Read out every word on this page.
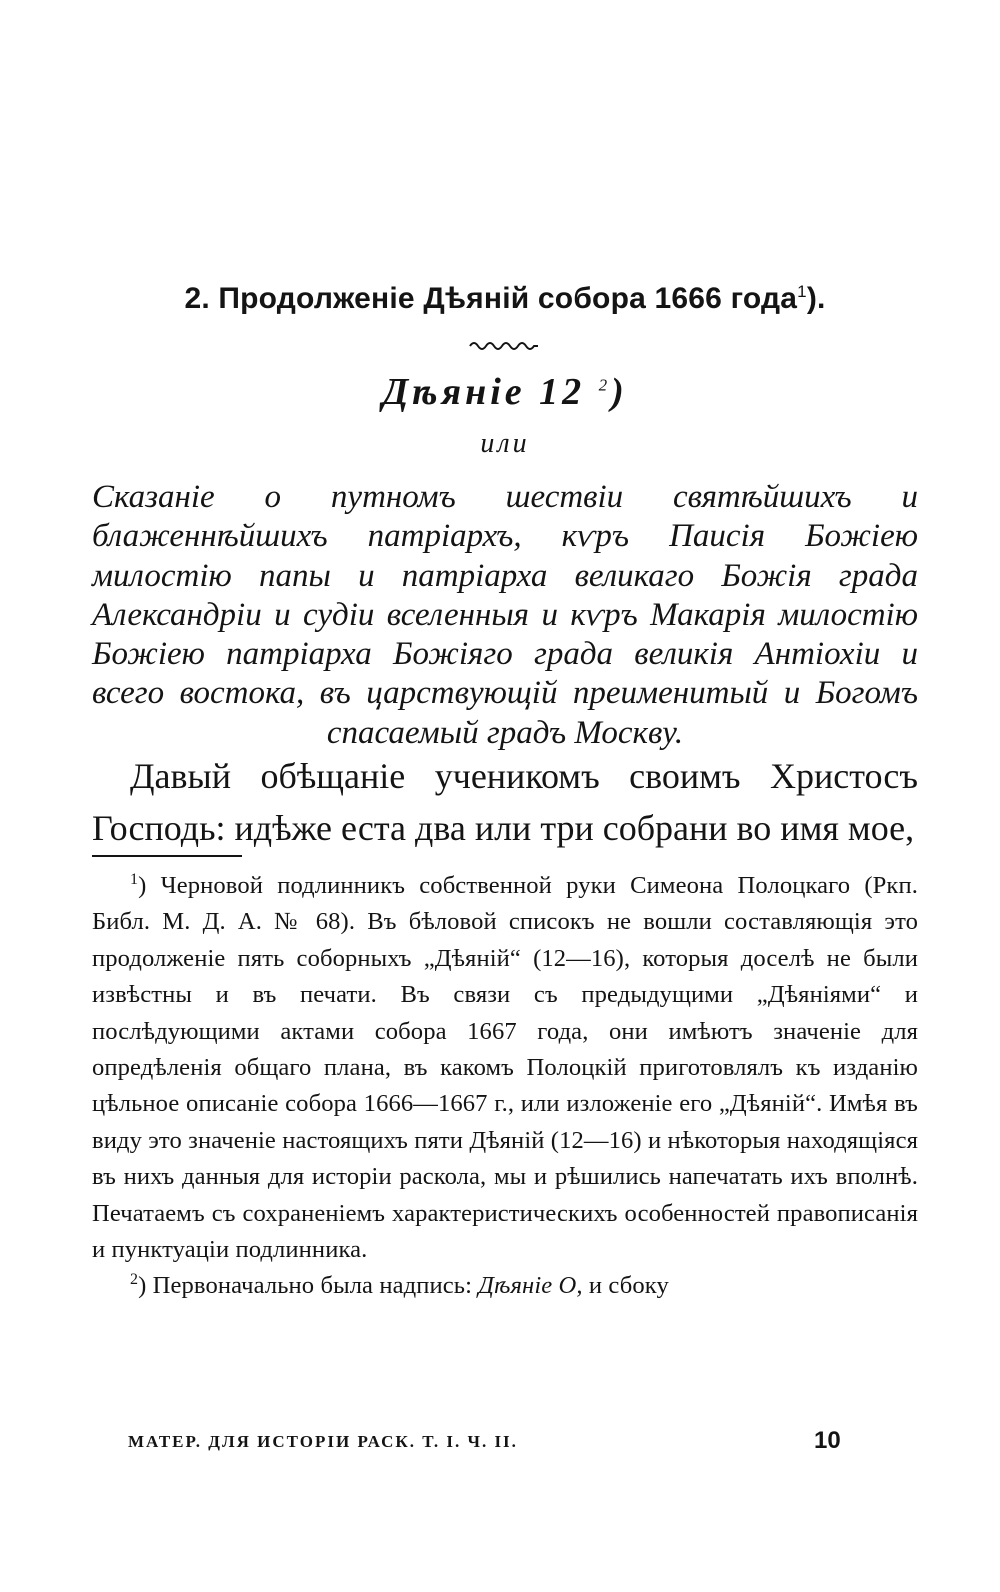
2. Продолженіе Дѣяній собора 1666 года$^1$).
Дѣяніе 12 $^2$)
или

Сказаніе о путномъ шествіи святѣйшихъ и блаженнѣйшихъ патріархъ, кѵръ Паисія Божіею милостію папы и патріарха великаго Божія града Александріи и судіи вселенныя и кѵръ Макарія милостію Божіею патріарха Божіяго града великія Антіохіи и всего востока, въ царствующій преименитый и Богомъ спасаемый градъ Москву.

Давый обѣщаніе ученикомъ своимъ Христосъ Господь: идѣже еста два или три собрани во имя мое,

$^1$) Черновой подлинникъ собственной руки Симеона Полоцкаго (Ркп. Библ. М. Д. А. № 68). Въ бѣловой списокъ не вошли составляющія это продолженіе пять соборныхъ „Дѣяній“ (12—16), которыя доселѣ не были извѣстны и въ печати. Въ связи съ предыдущими „Дѣяніями“ и послѣдующими актами собора 1667 года, они имѣютъ значеніе для опредѣленія общаго плана, въ какомъ Полоцкій приготовлялъ къ изданію цѣльное описаніе собора 1666—1667 г., или изложеніе его „Дѣяній“. Имѣя въ виду это значеніе настоящихъ пяти Дѣяній (12—16) и нѣкоторыя находящіяся въ нихъ данныя для исторіи раскола, мы и рѣшились напечатать ихъ вполнѣ. Печатаемъ съ сохраненіемъ характеристическихъ особенностей правописанія и пунктуаціи подлинника.

$^2$) Первоначально была надпись: Дѣяніе О, и сбоку

МАТЕР. ДЛЯ ИСТОРІИ РАСК. Т. I. Ч. II.	10
